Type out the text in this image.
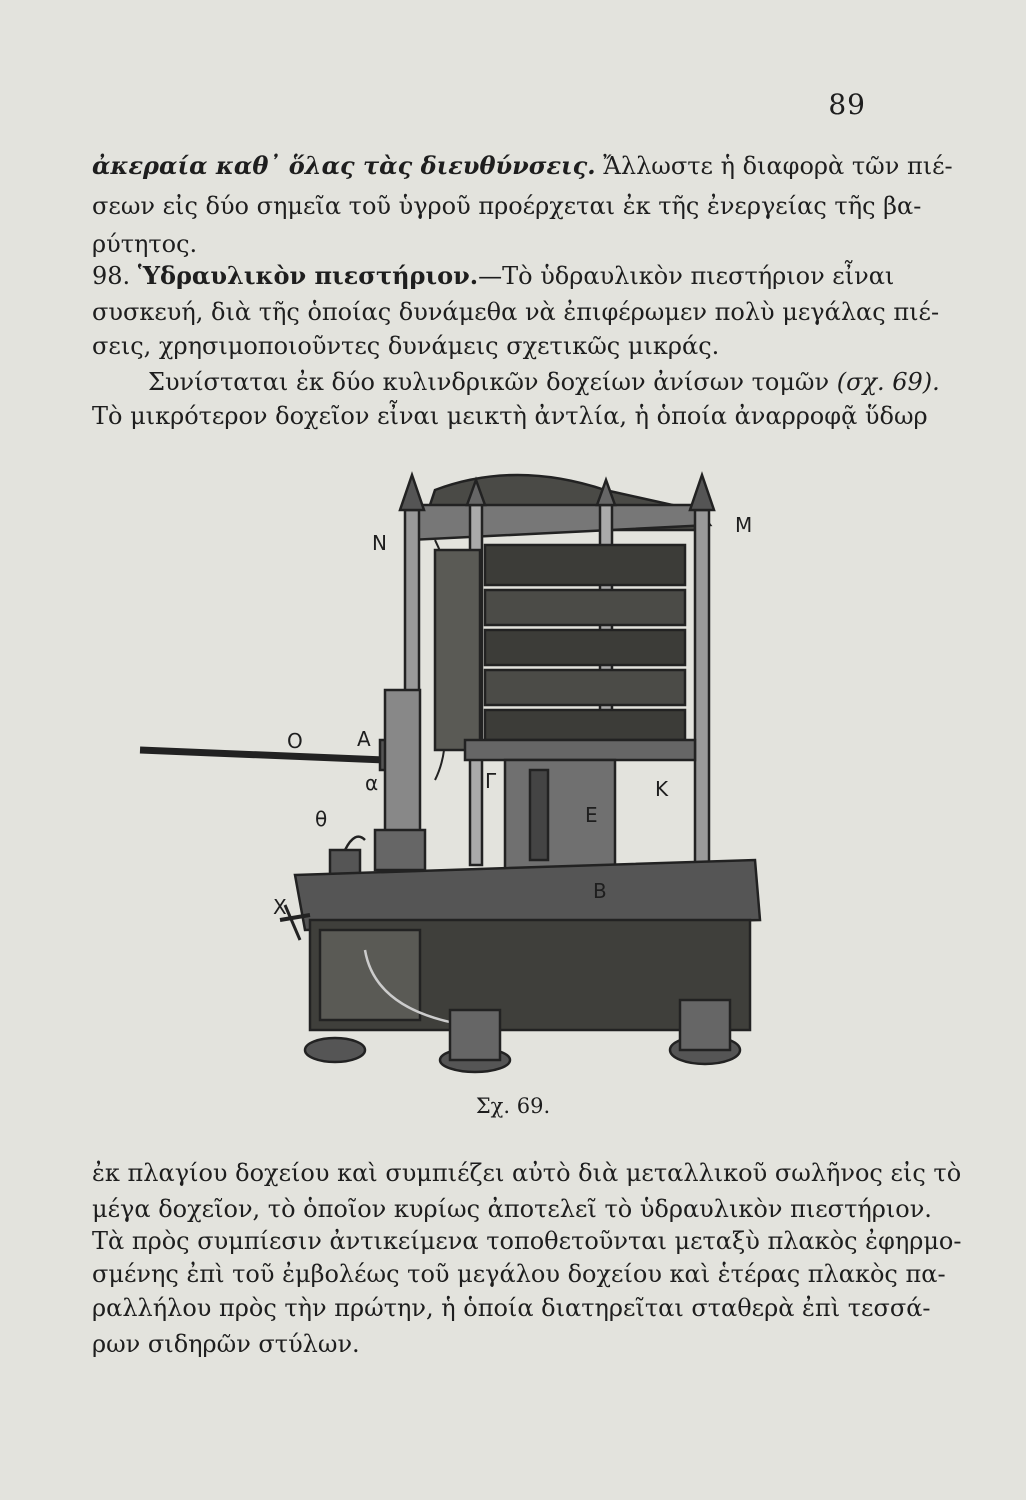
89
ἀκεραία καθ᾽ ὅλας τὰς διευθύνσεις. Ἄλλωστε ἡ διαφορὰ τῶν πιέ-
σεων εἰς δύο σημεῖα τοῦ ὑγροῦ προέρχεται ἐκ τῆς ἐνεργείας τῆς βα-
ρύτητος.
98. Ὑδραυλικὸν πιεστήριον.—Τὸ ὑδραυλικὸν πιεστήριον εἶναι
συσκευή, διὰ τῆς ὁποίας δυνάμεθα νὰ ἐπιφέρωμεν πολὺ μεγάλας πιέ-
σεις, χρησιμοποιοῦντες δυνάμεις σχετικῶς μικράς.
Συνίσταται ἐκ δύο κυλινδρικῶν δοχείων ἀνίσων τομῶν (σχ. 69).
Τὸ μικρότερον δοχεῖον εἶναι μεικτὴ ἀντλία, ἡ ὁποία ἀναρροφᾷ ὕδωρ
N
M
O	A
Γ	K
α
θ
X
E
B
Σχ. 69.
ἐκ πλαγίου δοχείου καὶ συμπιέζει αὐτὸ διὰ μεταλλικοῦ σωλῆνος εἰς τὸ
μέγα δοχεῖον, τὸ ὁποῖον κυρίως ἀποτελεῖ τὸ ὑδραυλικὸν πιεστήριον.
Τὰ πρὸς συμπίεσιν ἀντικείμενα τοποθετοῦνται μεταξὺ πλακὸς ἐφηρμο-
σμένης ἐπὶ τοῦ ἐμβολέως τοῦ μεγάλου δοχείου καὶ ἑτέρας πλακὸς πα-
ραλλήλου πρὸς τὴν πρώτην, ἡ ὁποία διατηρεῖται σταθερὰ ἐπὶ τεσσά-
ρων σιδηρῶν στύλων.
